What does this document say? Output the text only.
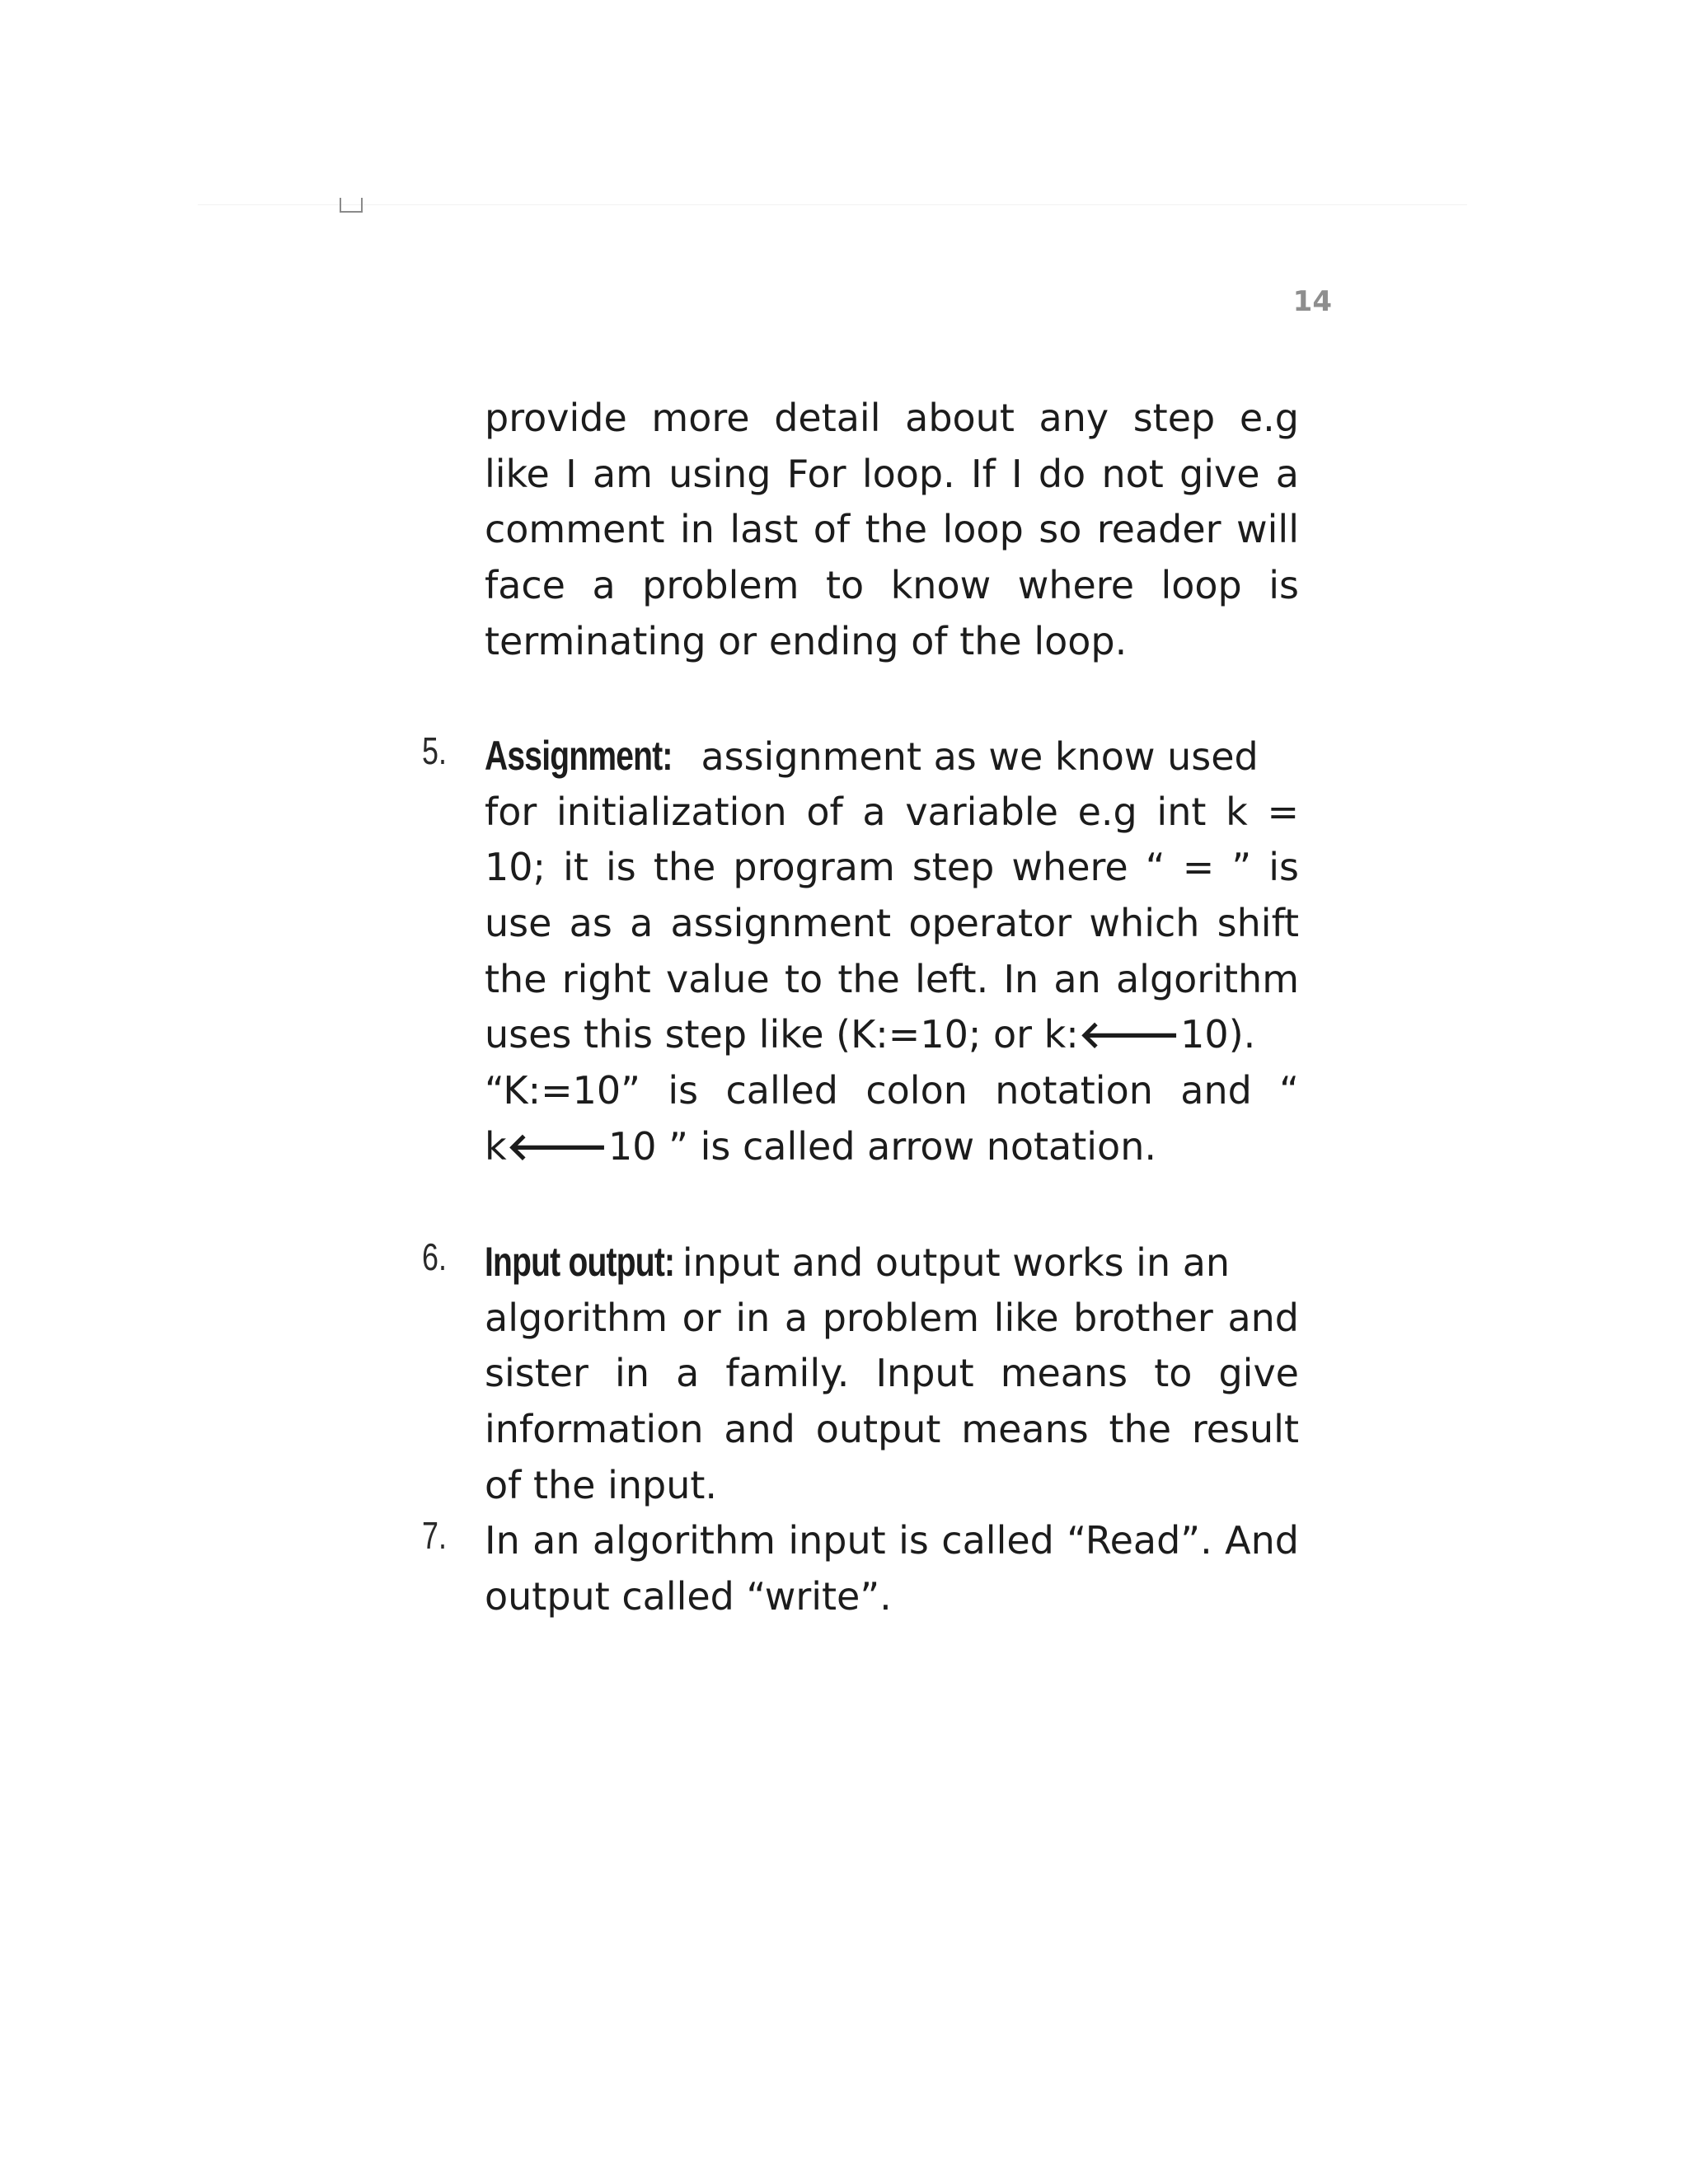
14
provide more detail about any step e.g
like I am using For loop. If I do not give a
comment in last of the loop so reader will
face a problem to know where loop is
terminating or ending of the loop.
5. Assignment: assignment as we know used
for initialization of a variable e.g int k =
10; it is the program step where “ = ” is
use as a assignment operator which shift
the right value to the left. In an algorithm
uses this step like (K:=10; or k:🡐10).
“K:=10” is called colon notation and “
k🡐10 ” is called arrow notation.
6. Input output: input and output works in an
algorithm or in a problem like brother and
sister in a family. Input means to give
information and output means the result
of the input.
7. In an algorithm input is called “Read”. And
output called “write”.
